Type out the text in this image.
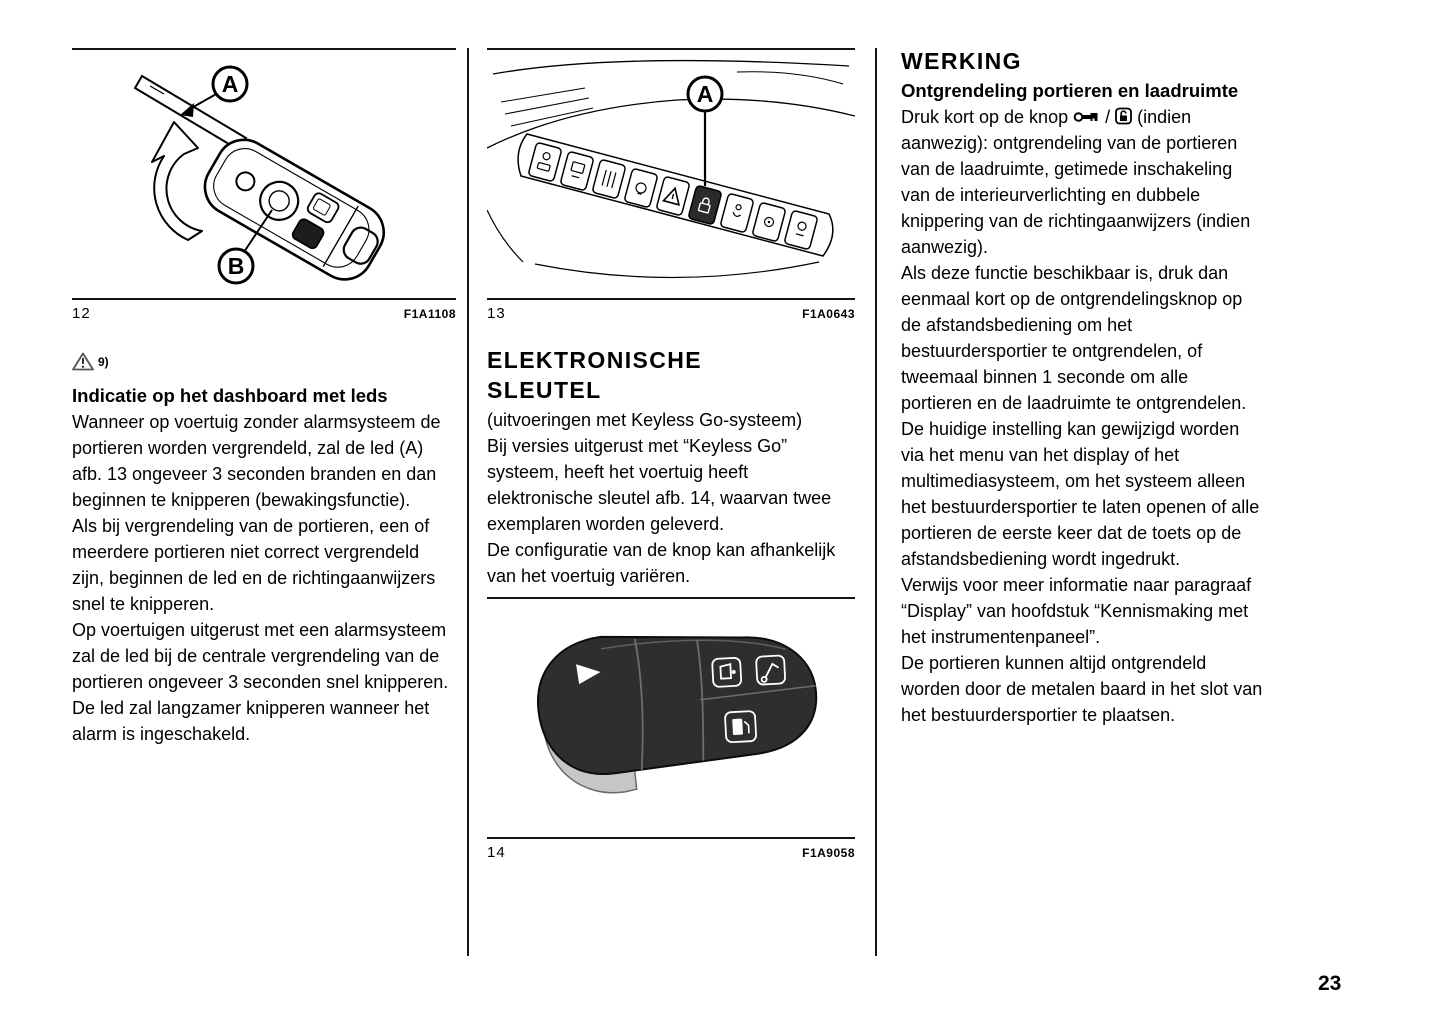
A
B
12	F1A1108
9)
Indicatie op het dashboard met leds

Wanneer op voertuig zonder alarmsysteem de portieren worden vergrendeld, zal de led (A) afb. 13 ongeveer 3 seconden branden en dan beginnen te knipperen (bewakingsfunctie).

Als bij vergrendeling van de portieren, een of meerdere portieren niet correct vergrendeld zijn, beginnen de led en de richtingaanwijzers snel te knipperen.

Op voertuigen uitgerust met een alarmsysteem zal de led bij de centrale vergrendeling van de portieren ongeveer 3 seconden snel knipperen. De led zal langzamer knipperen wanneer het alarm is ingeschakeld.

A
13	F1A0643
ELEKTRONISCHE SLEUTEL

(uitvoeringen met Keyless Go-systeem)

Bij versies uitgerust met “Keyless Go” systeem, heeft het voertuig heeft elektronische sleutel afb. 14, waarvan twee exemplaren worden geleverd.

De configuratie van de knop kan afhankelijk van het voertuig variëren.

14	F1A9058
WERKING
Ontgrendeling portieren en laadruimte

Druk kort op de knop  /  (indien aanwezig): ontgrendeling van de portieren van de laadruimte, getimede inschakeling van de interieurverlichting en dubbele knippering van de richtingaanwijzers (indien aanwezig).

Als deze functie beschikbaar is, druk dan eenmaal kort op de ontgrendelingsknop op de afstandsbediening om het bestuurdersportier te ontgrendelen, of tweemaal binnen 1 seconde om alle portieren en de laadruimte te ontgrendelen.

De huidige instelling kan gewijzigd worden via het menu van het display of het multimediasysteem, om het systeem alleen het bestuurdersportier te laten openen of alle portieren de eerste keer dat de toets op de afstandsbediening wordt ingedrukt.

Verwijs voor meer informatie naar paragraaf “Display” van hoofdstuk “Kennismaking met het instrumentenpaneel”.

De portieren kunnen altijd ontgrendeld worden door de metalen baard in het slot van het bestuurdersportier te plaatsen.

23
